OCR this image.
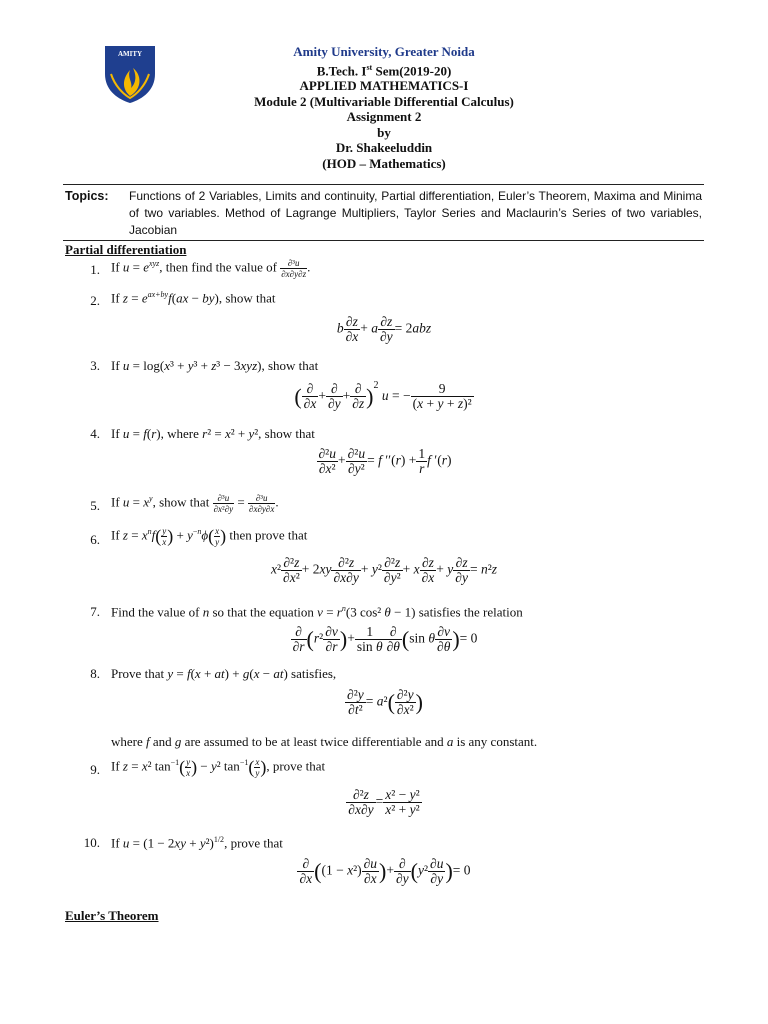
AMITY	Amity University, Greater Noida
B.Tech. Ist Sem(2019-20)
APPLIED MATHEMATICS-I
Module 2 (Multivariable Differential Calculus)
Assignment 2
by
Dr. Shakeeluddin
(HOD – Mathematics)
Topics: Functions of 2 Variables, Limits and continuity, Partial differentiation, Euler’s Theorem, Maxima and Minima of two variables. Method of Lagrange Multipliers, Taylor Series and Maclaurin’s Series of two variables, Jacobian
Partial differentiation
1. If $u = e^{xyz}$, then find the value of $\frac{\text{∂³u}}{\partial x\partial y\partial z}$ .
2. If $z = e^{ax+by}f(ax - by)$, show that
b $\frac{\partial z}{\partial x} + a \frac{\partial z}{\partial y} = 2abz$
3. If u = log(x³ + y³ + z³ − 3xyz), show that
( $\frac{\partial}{\partial x} + \frac{\partial}{\partial y} + \frac{\partial}{\partial z} )^2$ u = − $\frac{9}{\text{(x + y + z)²}}$
4. If u = f(r), where r² = x² + y², show that
$\frac{\text{∂²u}}{\text{∂x²}} + \frac{\text{∂²u}}{\text{∂y²}} = f$ $''(r) + \frac{1}{r}$ f ′(r)
5. If $u = x^y$, show that $\frac{\text{∂³u}}{\text{∂x²∂y}} = \frac{\text{∂³u}}{\partial x\partial y\partial x}$ .
6. If $z = x^nf( \frac{y}{x}$ ) + $y^{-n}\phi( \frac{x}{y}$ ) then prove that
$x^2 \frac{\text{∂²z}}{\text{∂x²}} + 2xy \frac{\text{∂²z}}{\partial x\partial y} + y^2 \frac{\text{∂²z}}{\text{∂y²}} + x \frac{\partial z}{\partial x} + y \frac{\partial z}{\partial y} = n^2z$
7. Find the value of n so that the equation $v = r^n(3$ cos² θ − 1) satisfies the relation
$\frac{\partial}{\partial r} (r^2 \frac{\partial v}{\partial r}$ )+ $\frac{1}{\text{sin θ}} \frac{\partial}{\partial\theta} (\sin$ θ $\frac{\partial v}{\partial\theta}$ )= 0
8. Prove that y = f(x + at) + g(x − at) satisfies,
$\frac{\text{∂²y}}{\text{∂t²}} = a^2( \frac{\text{∂²y}}{\text{∂x²}}$ )
where f and g are assumed to be at least twice differentiable and a is any constant.
9. If z = x² $\tan^{-1}( \frac{y}{x}$ ) − y² $\tan^{-1}( \frac{x}{y}$ ), prove that
$\frac{\text{∂²z}}{\partial x\partial y} = \frac{\text{x² − y²}}{\text{x² + y²}}$
10. If $u = (1 - 2xy + y^2)^{1/2}$, prove that
$\frac{\partial}{\partial x} ((1 - x^2) \frac{\partial u}{\partial x}$ )+ $\frac{\partial}{\partial y} (y^2 \frac{\partial u}{\partial y}$ )= 0
Euler’s Theorem
